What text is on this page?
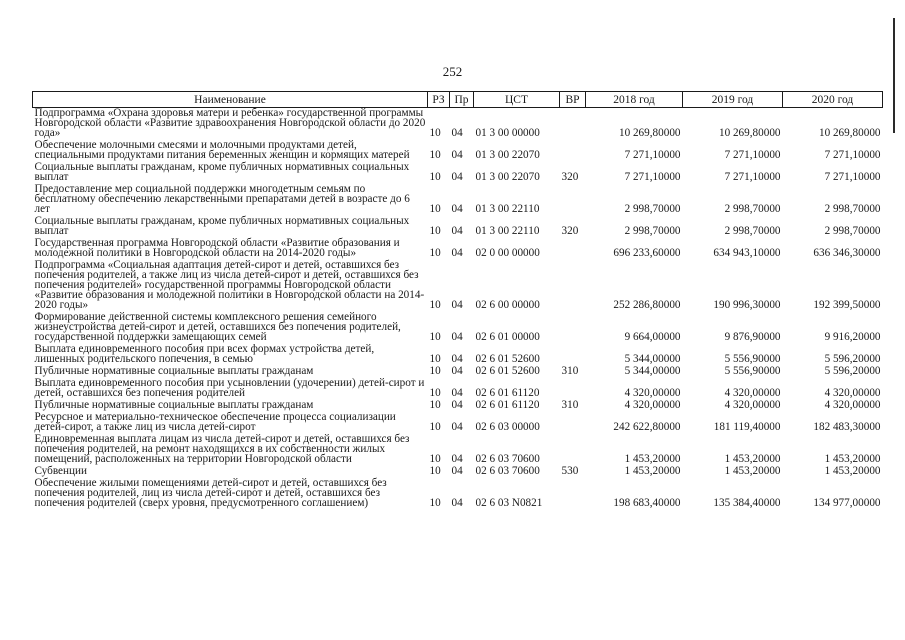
252
Наименование	РЗ	Пр	ЦСТ	ВР	2018 год	2019 год	2020 год
Подпрограмма «Охрана здоровья матери и ребенка» государственной программы Новгородской области «Развитие здравоохранения Новгородской области до 2020 года»	10	04	01 3 00 00000		10 269,80000	10 269,80000	10 269,80000
Обеспечение молочными смесями и молочными продуктами детей, специальными продуктами питания беременных женщин и кормящих матерей	10	04	01 3 00 22070		7 271,10000	7 271,10000	7 271,10000
Социальные выплаты гражданам, кроме публичных нормативных социальных выплат	10	04	01 3 00 22070	320	7 271,10000	7 271,10000	7 271,10000
Предоставление мер социальной поддержки многодетным семьям по бесплатному обеспечению лекарственными препаратами детей в возрасте до 6 лет	10	04	01 3 00 22110		2 998,70000	2 998,70000	2 998,70000
Социальные выплаты гражданам, кроме публичных нормативных социальных выплат	10	04	01 3 00 22110	320	2 998,70000	2 998,70000	2 998,70000
Государственная программа Новгородской области «Развитие образования и молодежной политики в Новгородской области на 2014-2020 годы»	10	04	02 0 00 00000		696 233,60000	634 943,10000	636 346,30000
Подпрограмма «Социальная адаптация детей-сирот и детей, оставшихся без попечения родителей, а также лиц из числа детей-сирот и детей, оставшихся без попечения родителей» государственной программы Новгородской области «Развитие образования и молодежной политики в Новгородской области на 2014-2020 годы»	10	04	02 6 00 00000		252 286,80000	190 996,30000	192 399,50000
Формирование действенной системы комплексного решения семейного жизнеустройства детей-сирот и детей, оставшихся без попечения родителей, государственной поддержки замещающих семей	10	04	02 6 01 00000		9 664,00000	9 876,90000	9 916,20000
Выплата единовременного пособия при всех формах устройства детей, лишенных родительского попечения, в семью	10	04	02 6 01 52600		5 344,00000	5 556,90000	5 596,20000
Публичные нормативные социальные выплаты гражданам	10	04	02 6 01 52600	310	5 344,00000	5 556,90000	5 596,20000
Выплата единовременного пособия при усыновлении (удочерении) детей-сирот и детей, оставшихся без попечения родителей	10	04	02 6 01 61120		4 320,00000	4 320,00000	4 320,00000
Публичные нормативные социальные выплаты гражданам	10	04	02 6 01 61120	310	4 320,00000	4 320,00000	4 320,00000
Ресурсное и материально-техническое обеспечение процесса социализации детей-сирот, а также лиц из числа детей-сирот	10	04	02 6 03 00000		242 622,80000	181 119,40000	182 483,30000
Единовременная выплата лицам из числа детей-сирот и детей, оставшихся без попечения родителей, на ремонт находящихся в их собственности жилых помещений, расположенных на территории Новгородской области	10	04	02 6 03 70600		1 453,20000	1 453,20000	1 453,20000
Субвенции	10	04	02 6 03 70600	530	1 453,20000	1 453,20000	1 453,20000
Обеспечение жилыми помещениями детей-сирот и детей, оставшихся без попечения родителей, лиц из числа детей-сирот и детей, оставшихся без попечения родителей (сверх уровня, предусмотренного соглашением)	10	04	02 6 03 N0821		198 683,40000	135 384,40000	134 977,00000
